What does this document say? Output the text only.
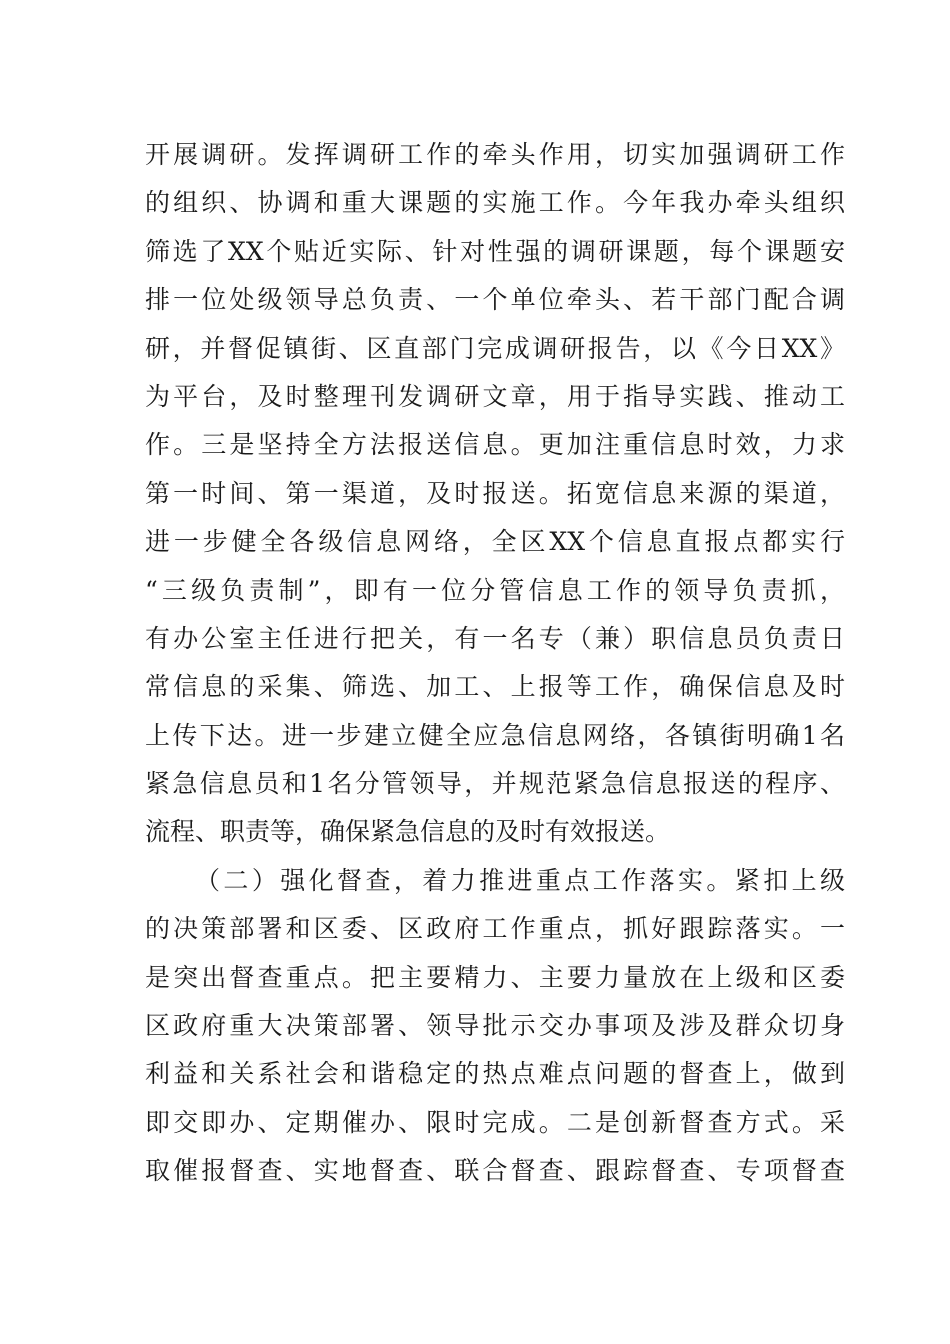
开展调研。发挥调研工作的牵头作用，切实加强调研工作
的组织、协调和重大课题的实施工作。今年我办牵头组织
筛选了XX个贴近实际、针对性强的调研课题，每个课题安
排一位处级领导总负责、一个单位牵头、若干部门配合调
研，并督促镇街、区直部门完成调研报告，以《今日XX》
为平台，及时整理刊发调研文章，用于指导实践、推动工
作。三是坚持全方法报送信息。更加注重信息时效，力求
第一时间、第一渠道，及时报送。拓宽信息来源的渠道，
进一步健全各级信息网络，全区XX个信息直报点都实行
“三级负责制”，即有一位分管信息工作的领导负责抓，
有办公室主任进行把关，有一名专（兼）职信息员负责日
常信息的采集、筛选、加工、上报等工作，确保信息及时
上传下达。进一步建立健全应急信息网络，各镇街明确1名
紧急信息员和1名分管领导，并规范紧急信息报送的程序、
流程、职责等，确保紧急信息的及时有效报送。
（二）强化督查，着力推进重点工作落实。紧扣上级
的决策部署和区委、区政府工作重点，抓好跟踪落实。一
是突出督查重点。把主要精力、主要力量放在上级和区委
区政府重大决策部署、领导批示交办事项及涉及群众切身
利益和关系社会和谐稳定的热点难点问题的督查上，做到
即交即办、定期催办、限时完成。二是创新督查方式。采
取催报督查、实地督查、联合督查、跟踪督查、专项督查
